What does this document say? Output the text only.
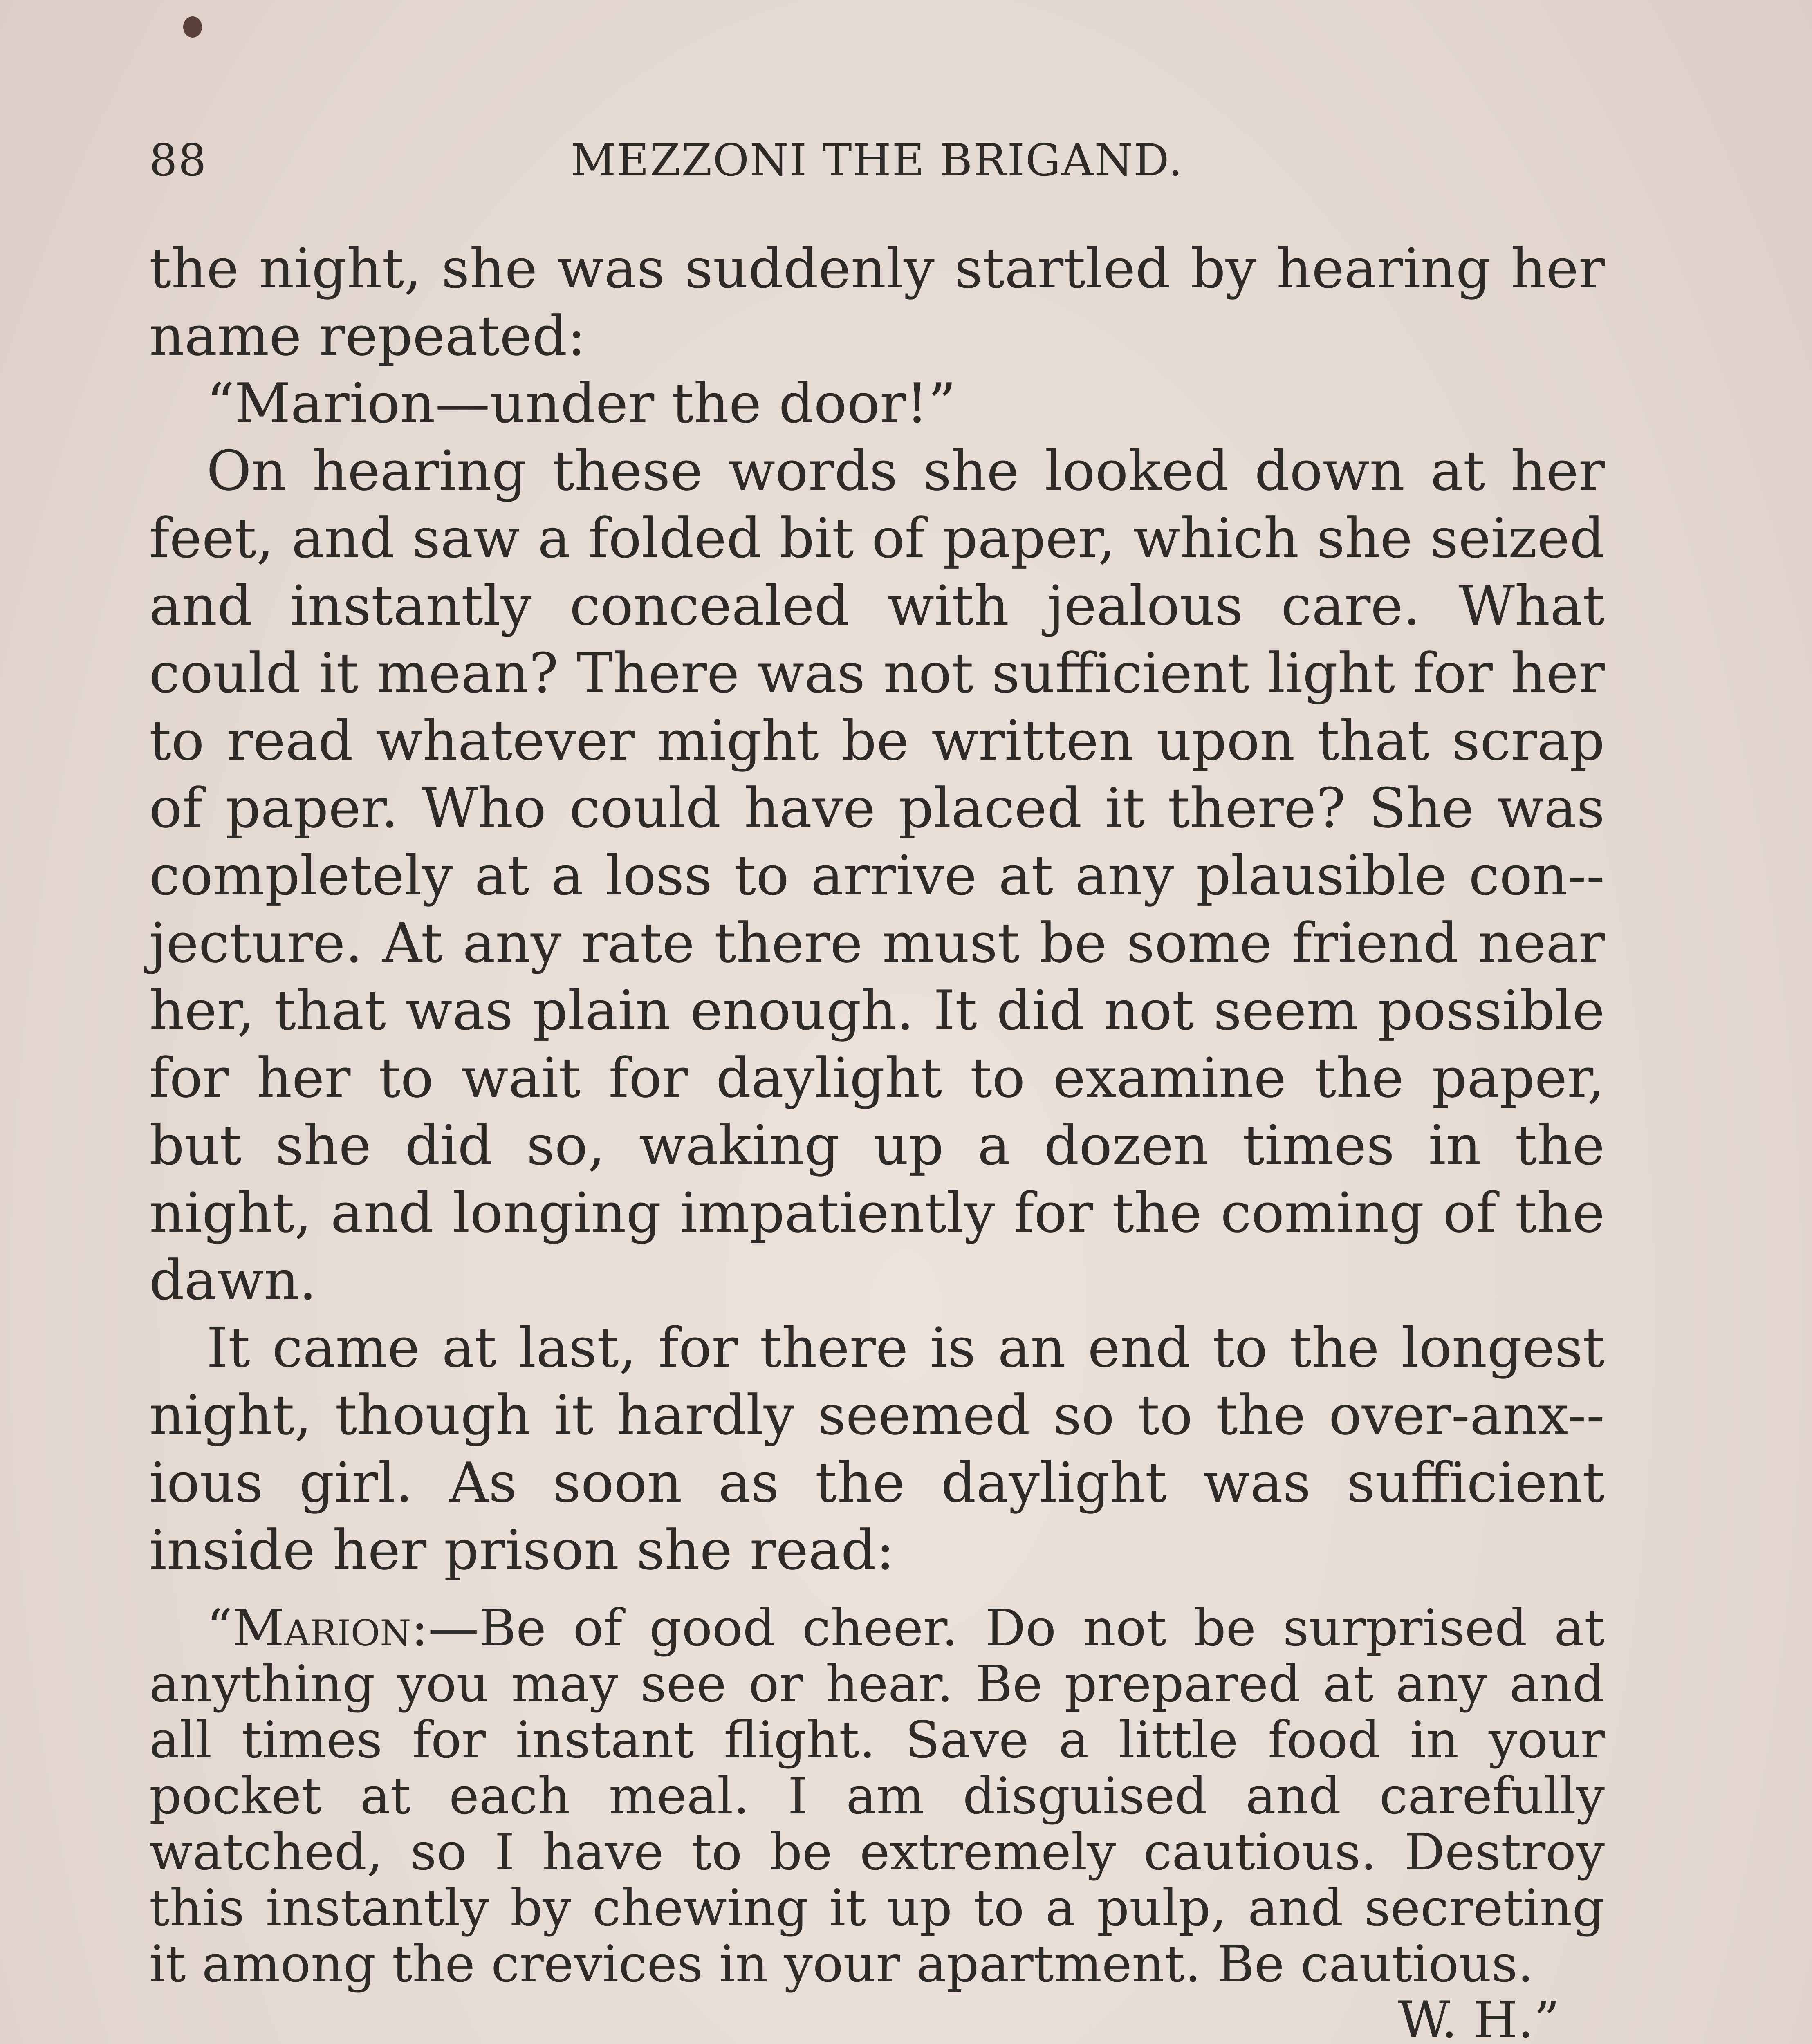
88	MEZZONI THE BRIGAND.

the night, she was suddenly startled by hearing her name repeated:

“Marion—under the door!”

On hearing these words she looked down at her feet, and saw a folded bit of paper, which she seized and instantly concealed with jealous care. What could it mean? There was not sufficient light for her to read whatever might be written upon that scrap of paper. Who could have placed it there? She was completely at a loss to arrive at any plausible con-jecture. At any rate there must be some friend near her, that was plain enough. It did not seem possible for her to wait for daylight to examine the paper, but she did so, waking up a dozen times in the night, and longing impatiently for the coming of the dawn.

It came at last, for there is an end to the longest night, though it hardly seemed so to the over-anx-ious girl. As soon as the daylight was sufficient inside her prison she read:

“Marion:—Be of good cheer. Do not be surprised at anything you may see or hear. Be prepared at any and all times for instant flight. Save a little food in your pocket at each meal. I am disguised and carefully watched, so I have to be extremely cautious. Destroy this instantly by chewing it up to a pulp, and secreting it among the crevices in your apartment. Be cautious.
W. H.”
